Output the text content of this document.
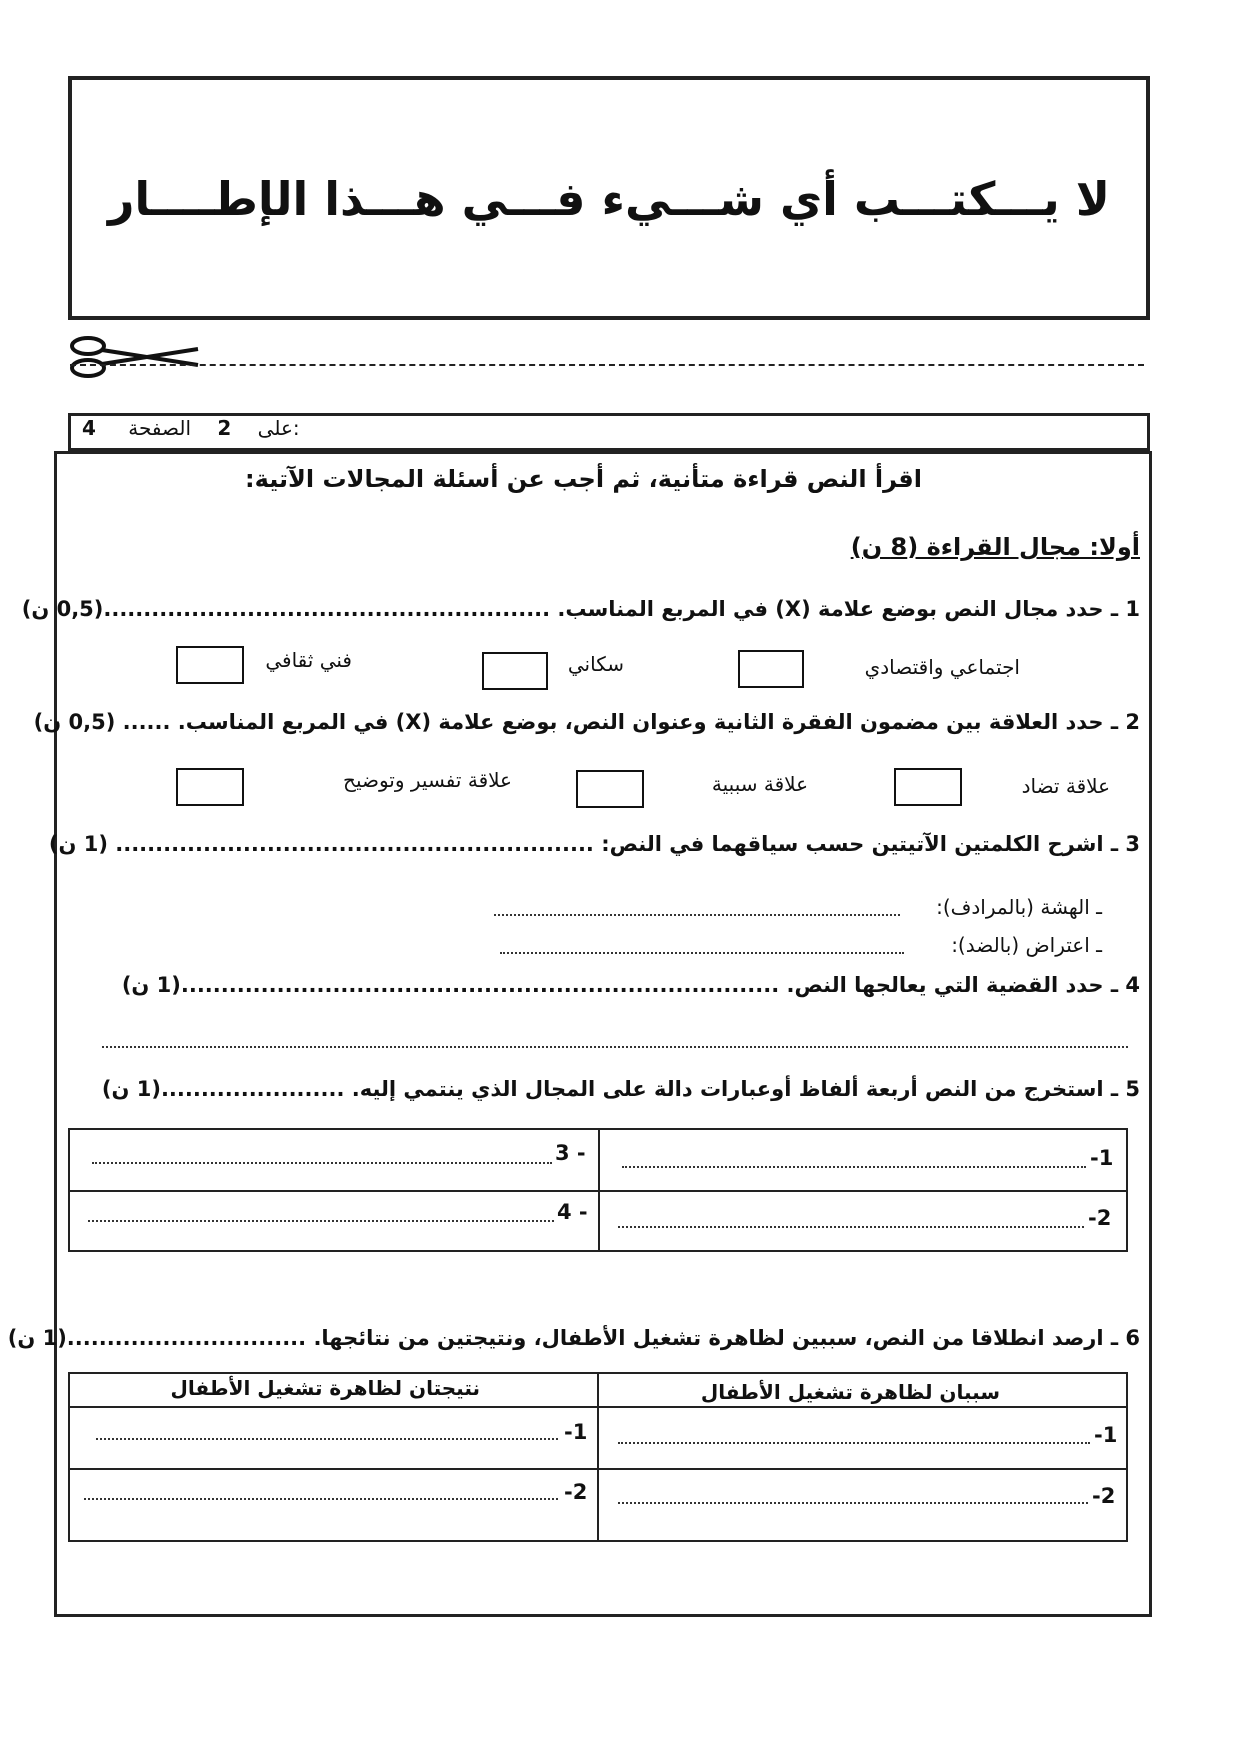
لا يـــكتـــب أي شـــيء فـــي هـــذا الإطــــار
4	على 2 الصفحة:
اقرأ النص قراءة متأنية، ثم أجب عن أسئلة المجالات الآتية:
أولا: مجال القراءة (8 ن)
1 ـ حدد مجال النص بوضع علامة (X) في المربع المناسب. ........................................................(0,5 ن)
اجتماعي واقتصادي
سكاني
فني ثقافي
2 ـ حدد العلاقة بين مضمون الفقرة الثانية وعنوان النص، بوضع علامة (X) في المربع المناسب. ...... (0,5 ن)
علاقة تضاد
علاقة سببية
علاقة تفسير وتوضيح
3 ـ اشرح الكلمتين الآتيتين حسب سياقهما في النص: ............................................................ (1 ن)
ـ الهشة (بالمرادف):
ـ اعتراض (بالضد):
4 ـ حدد القضية التي يعالجها النص. ...........................................................................(1 ن)
5 ـ استخرج من النص أربعة ألفاظ أوعبارات دالة على المجال الذي ينتمي إليه. .......................(1 ن)
-1
3 -
-2
4 -
6 ـ ارصد انطلاقا من النص، سببين لظاهرة تشغيل الأطفال، ونتيجتين من نتائجها. ..............................(1 ن)
سببان لظاهرة تشغيل الأطفال
نتيجتان لظاهرة تشغيل الأطفال
-1
-1
-2
-2
